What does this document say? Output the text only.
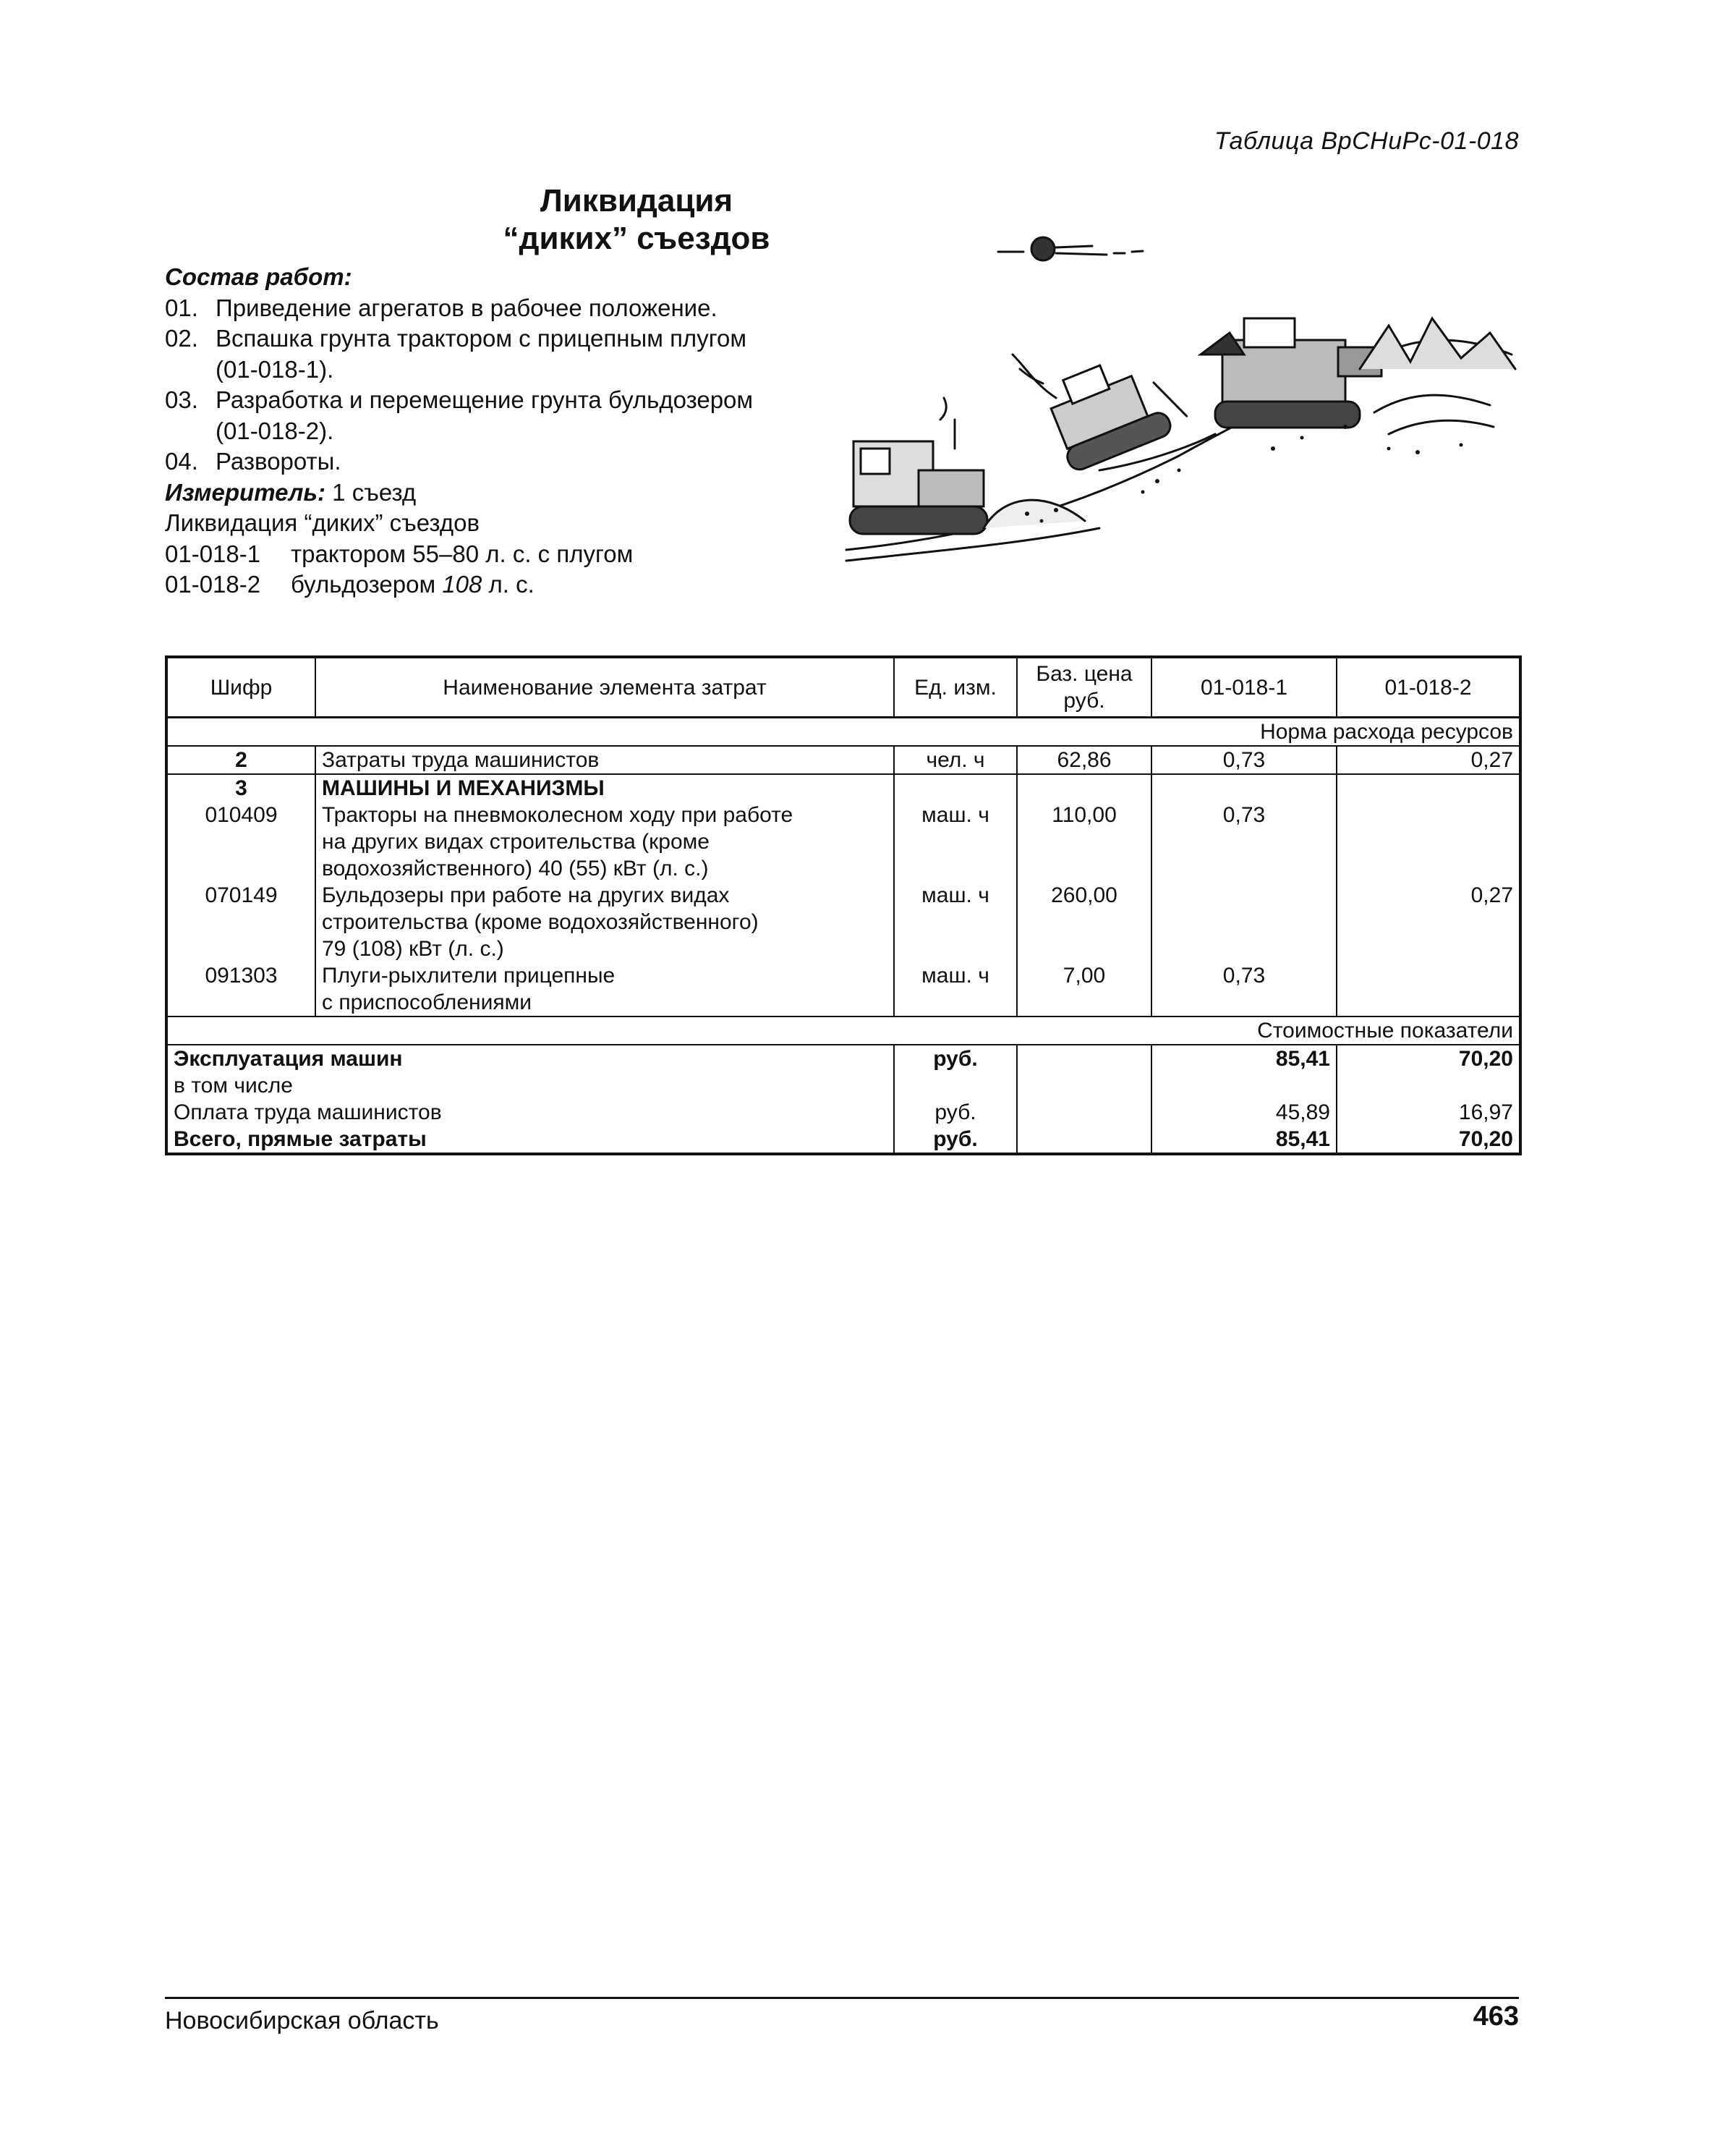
Таблица ВрСНиРс-01-018
Ликвидация
“диких” съездов
Состав работ:
01. Приведение агрегатов в рабочее положение.
02. Вспашка грунта трактором с прицепным плугом
(01-018-1).
03. Разработка и перемещение грунта бульдозером
(01-018-2).
04. Развороты.
Измеритель: 1 съезд
Ликвидация “диких” съездов
01-018-1 трактором 55–80 л. с. с плугом
01-018-2 бульдозером 108 л. с.
Шифр	Наименование элемента затрат	Ед. изм.	Баз. цена руб.	01-018-1	01-018-2
Норма расхода ресурсов					
2	Затраты труда машинистов	чел. ч	62,86	0,73	0,27
3	МАШИНЫ И МЕХАНИЗМЫ				
010409	Тракторы на пневмоколесном ходу при работе
на других видах строительства (кроме
водохозяйственного) 40 (55) кВт (л. с.)	маш. ч	110,00	0,73	
070149	Бульдозеры при работе на других видах
строительства (кроме водохозяйственного)
79 (108) кВт (л. с.)	маш. ч	260,00		0,27
091303	Плуги-рыхлители прицепные
с приспособлениями	маш. ч	7,00	0,73	
Стоимостные показатели					
Эксплуатация машин		руб.		85,41	70,20
в том числе					
Оплата труда машинистов		руб.		45,89	16,97
Всего, прямые затраты		руб.		85,41	70,20
Новосибирская область	463
